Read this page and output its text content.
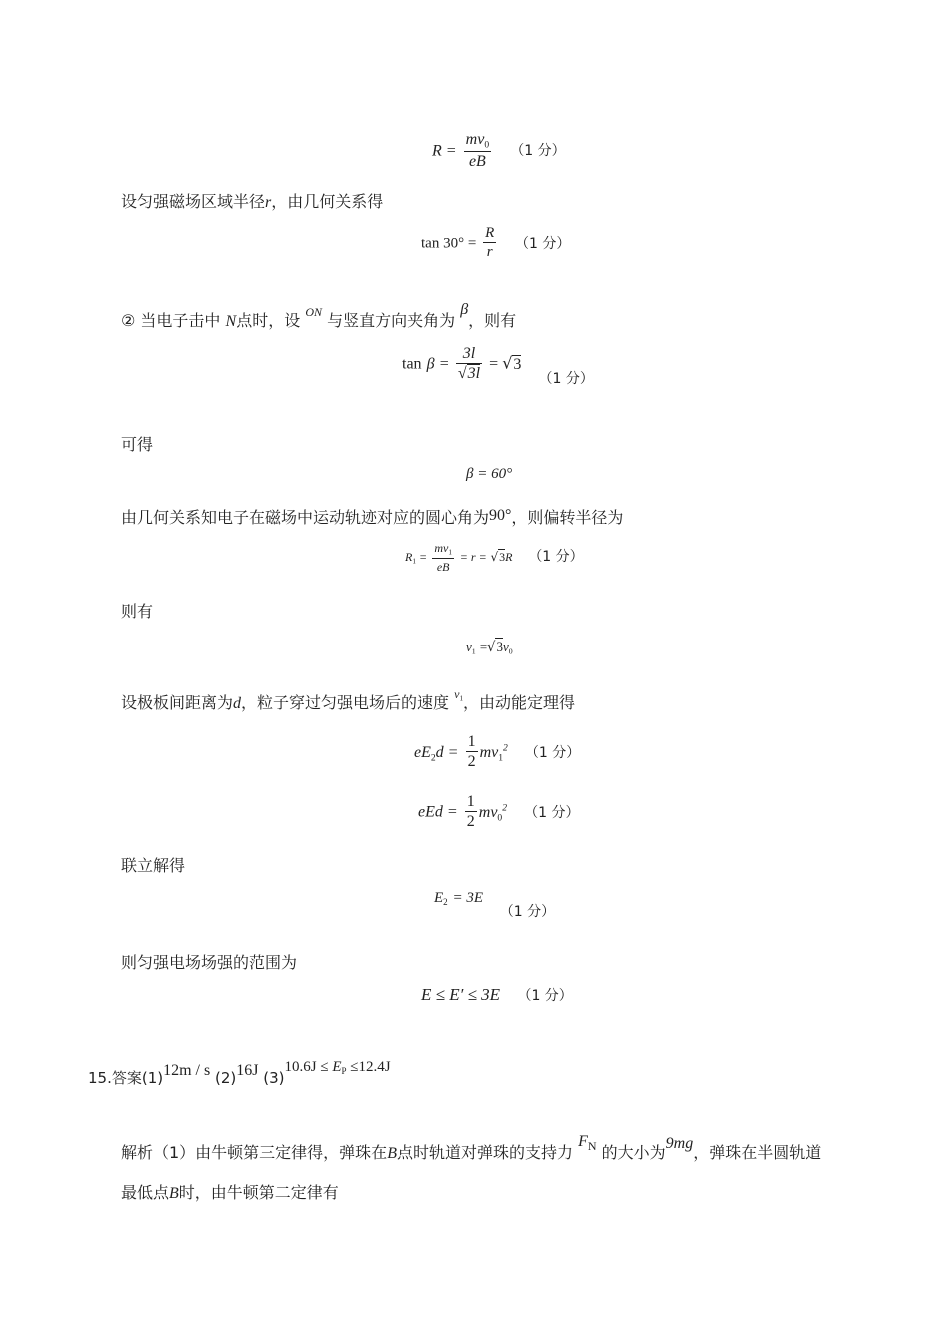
$R = \frac{mv_0}{eB} (1$ 分）
设匀强磁场区域半径r，由几何关系得
$\tan 30^\circ = \frac{R}{r} (1$ 分）
② 当电子击中 N点时，设 $^{ON}$ 与竖直方向夹角为 β，则有
$\tan \beta = \frac{3l}{√3l} = √3$ （1 分）
可得
β = 60°
由几何关系知电子在磁场中运动轨迹对应的圆心角为90°，则偏转半径为
$R_1 = \frac{mv_1}{eB} = r = √3R$ （1 分）
则有
$v_1 =√3v_0$
设极板间距离为d，粒子穿过匀强电场后的速度 $^{v_1}$，由动能定理得
$eE_2d = \frac{1}{2} mv_1^2$ （1 分）
eEd = $\frac{1}{2} mv_0^2$ （1 分）
联立解得
$E_2 = 3E$ （1 分）
则匀强电场场强的范围为
E ≤ E′ ≤ 3E （1 分）
15.答案(1)12m / s (2)16J $(3)10.6J \le E_P \le 12.4J$
解析（1）由牛顿第三定律得，弹珠在B点时轨道对弹珠的支持力 $F_N$ 的大小为9mg，弹珠在半圆轨道
最低点B时，由牛顿第二定律有
